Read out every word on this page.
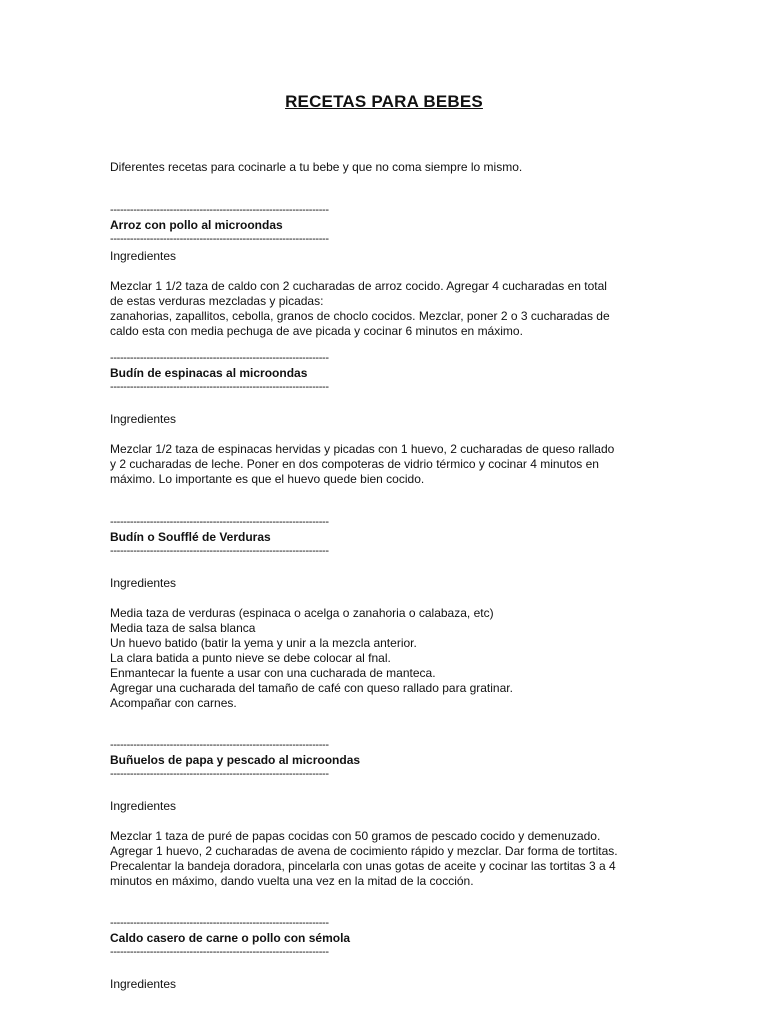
RECETAS PARA BEBES
Diferentes recetas para cocinarle a tu bebe y que no coma siempre lo mismo.
------------------------------------------------------------------
Arroz con pollo al microondas
------------------------------------------------------------------
Ingredientes
Mezclar 1 1/2 taza de caldo con 2 cucharadas de arroz cocido. Agregar 4 cucharadas en total
de estas verduras mezcladas y picadas:
zanahorias, zapallitos, cebolla, granos de choclo cocidos. Mezclar, poner 2 o 3 cucharadas de
caldo esta con media pechuga de ave picada y cocinar 6 minutos en máximo.
------------------------------------------------------------------
Budín de espinacas al microondas
------------------------------------------------------------------
Ingredientes
Mezclar 1/2 taza de espinacas hervidas y picadas con 1 huevo, 2 cucharadas de queso rallado
y 2 cucharadas de leche. Poner en dos compoteras de vidrio térmico y cocinar 4 minutos en
máximo. Lo importante es que el huevo quede bien cocido.
------------------------------------------------------------------
Budín o Soufflé de Verduras
------------------------------------------------------------------
Ingredientes
Media taza de verduras (espinaca o acelga o zanahoria o calabaza, etc)
Media taza de salsa blanca
Un huevo batido (batir la yema y unir a la mezcla anterior.
La clara batida a punto nieve se debe colocar al fnal.
Enmantecar la fuente a usar con una cucharada de manteca.
Agregar una cucharada del tamaño de café con queso rallado para gratinar.
Acompañar con carnes.
------------------------------------------------------------------
Buñuelos de papa y pescado al microondas
------------------------------------------------------------------
Ingredientes
Mezclar 1 taza de puré de papas cocidas con 50 gramos de pescado cocido y demenuzado.
Agregar 1 huevo, 2 cucharadas de avena de cocimiento rápido y mezclar. Dar forma de tortitas.
Precalentar la bandeja doradora, pincelarla con unas gotas de aceite y cocinar las tortitas 3 a 4
minutos en máximo, dando vuelta una vez en la mitad de la cocción.
------------------------------------------------------------------
Caldo casero de carne o pollo con sémola
------------------------------------------------------------------
Ingredientes
